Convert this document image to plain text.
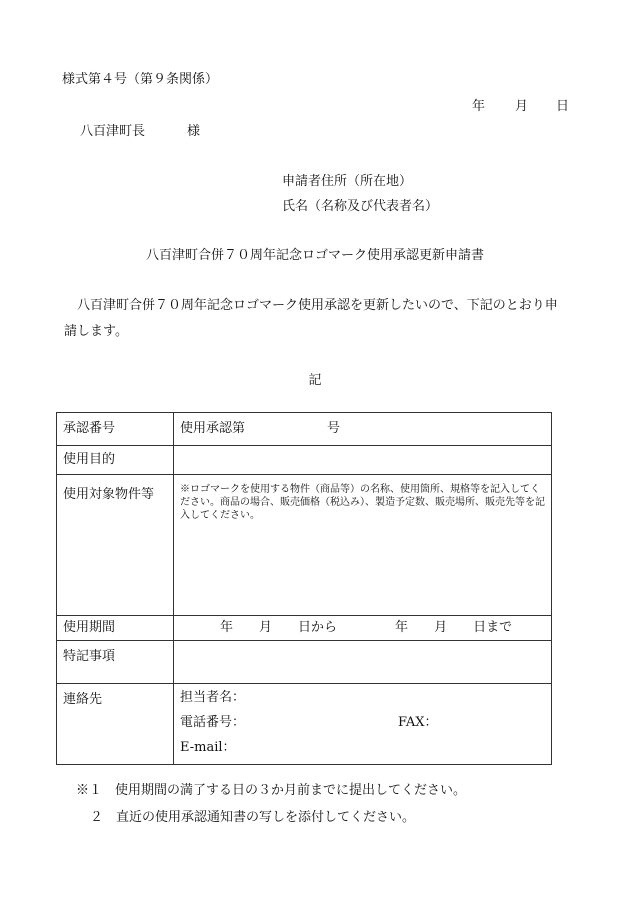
様式第４号（第９条関係）
年 月 日
八百津町長	様
申請者住所（所在地）
氏名（名称及び代表者名）
八百津町合併７０周年記念ロゴマーク使用承認更新申請書
八百津町合併７０周年記念ロゴマーク使用承認を更新したいので、下記のとおり申請します。
記
承認番号	使用承認第 号
使用目的	
使用対象物件等	※ロゴマークを使用する物件（商品等）の名称、使用箇所、規格等を記入してください。商品の場合、販売価格（税込み）、製造予定数、販売場所、販売先等を記入してください。

使用期間	年 月 日から 年 月 日まで

特記事項	
連絡先	担当者名：
電話番号： FAX：
E-mail：
※１　使用期間の満了する日の３か月前までに提出してください。
２　直近の使用承認通知書の写しを添付してください。
